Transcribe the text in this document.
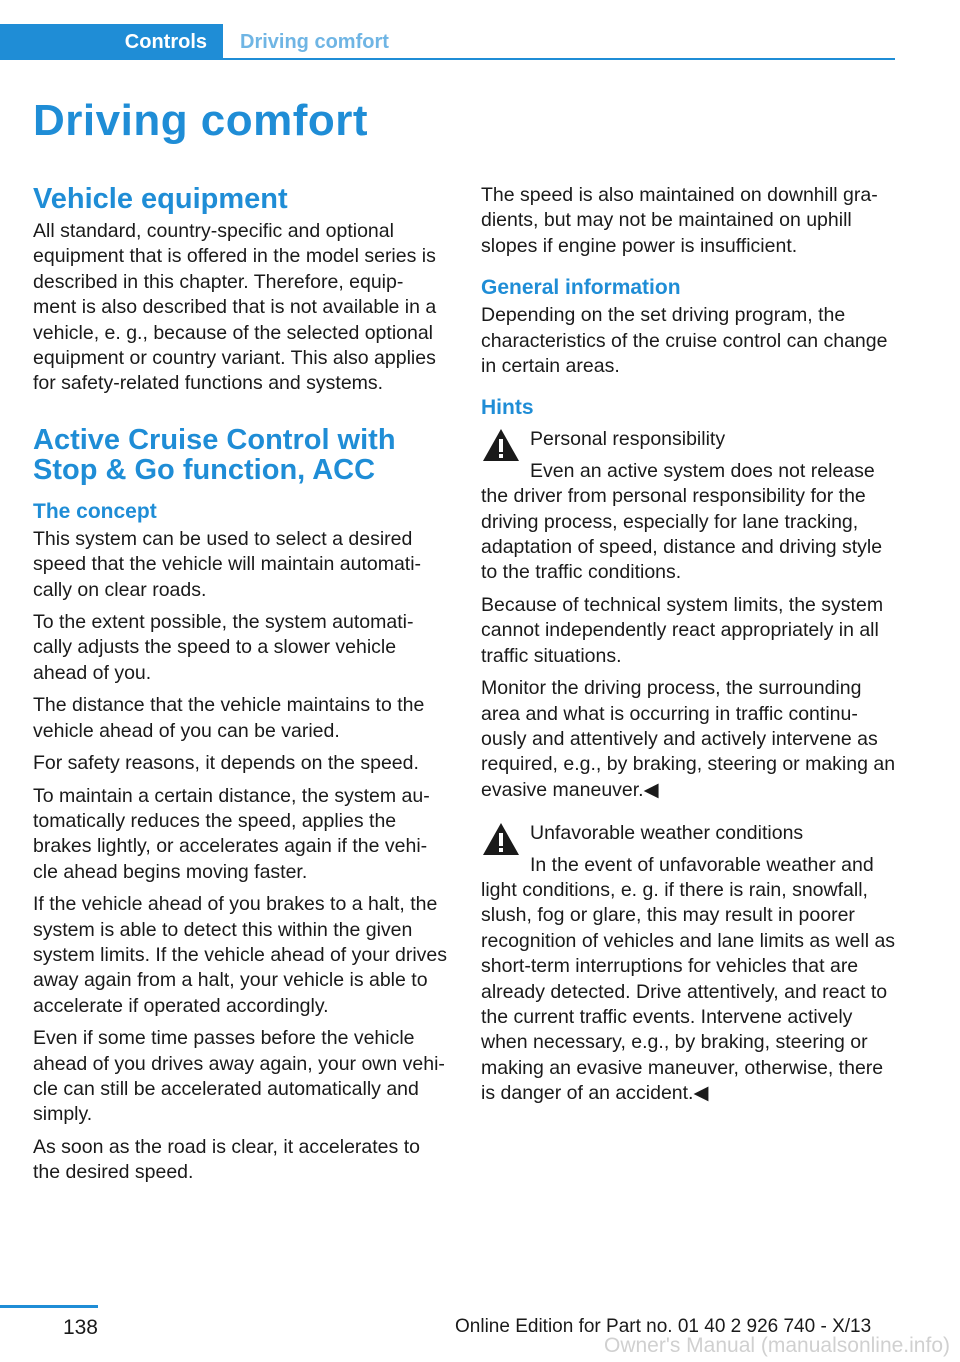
Controls	Driving comfort
Driving comfort
Vehicle equipment

All standard, country-specific and optional equipment that is offered in the model series is described in this chapter. Therefore, equip‐ ment is also described that is not available in a vehicle, e. g., because of the selected optional equipment or country variant. This also applies for safety-related functions and systems.

Active Cruise Control with Stop & Go function, ACC
The concept

This system can be used to select a desired speed that the vehicle will maintain automati‐ cally on clear roads.

To the extent possible, the system automati‐ cally adjusts the speed to a slower vehicle ahead of you.

The distance that the vehicle maintains to the vehicle ahead of you can be varied.

For safety reasons, it depends on the speed.

To maintain a certain distance, the system au‐ tomatically reduces the speed, applies the brakes lightly, or accelerates again if the vehi‐ cle ahead begins moving faster.

If the vehicle ahead of you brakes to a halt, the system is able to detect this within the given system limits. If the vehicle ahead of your drives away again from a halt, your vehicle is able to accelerate if operated accordingly.

Even if some time passes before the vehicle ahead of you drives away again, your own vehi‐ cle can still be accelerated automatically and simply.

As soon as the road is clear, it accelerates to the desired speed.

The speed is also maintained on downhill gra‐ dients, but may not be maintained on uphill slopes if engine power is insufficient.

General information

Depending on the set driving program, the characteristics of the cruise control can change in certain areas.

Hints

Personal responsibility

Even an active system does not release the driver from personal responsibility for the driving process, especially for lane tracking, adaptation of speed, distance and driving style to the traffic conditions.

Because of technical system limits, the system cannot independently react appropriately in all traffic situations.

Monitor the driving process, the surrounding area and what is occurring in traffic continu‐ ously and attentively and actively intervene as required, e.g., by braking, steering or making an evasive maneuver.◀

Unfavorable weather conditions

In the event of unfavorable weather and light conditions, e. g. if there is rain, snowfall, slush, fog or glare, this may result in poorer recognition of vehicles and lane limits as well as short-term interruptions for vehicles that are already detected. Drive attentively, and react to the current traffic events. Intervene actively when necessary, e.g., by braking, steering or making an evasive maneuver, otherwise, there is danger of an accident.◀

138	Online Edition for Part no. 01 40 2 926 740 - X/13
Owner's Manual (manualsonline.info)
